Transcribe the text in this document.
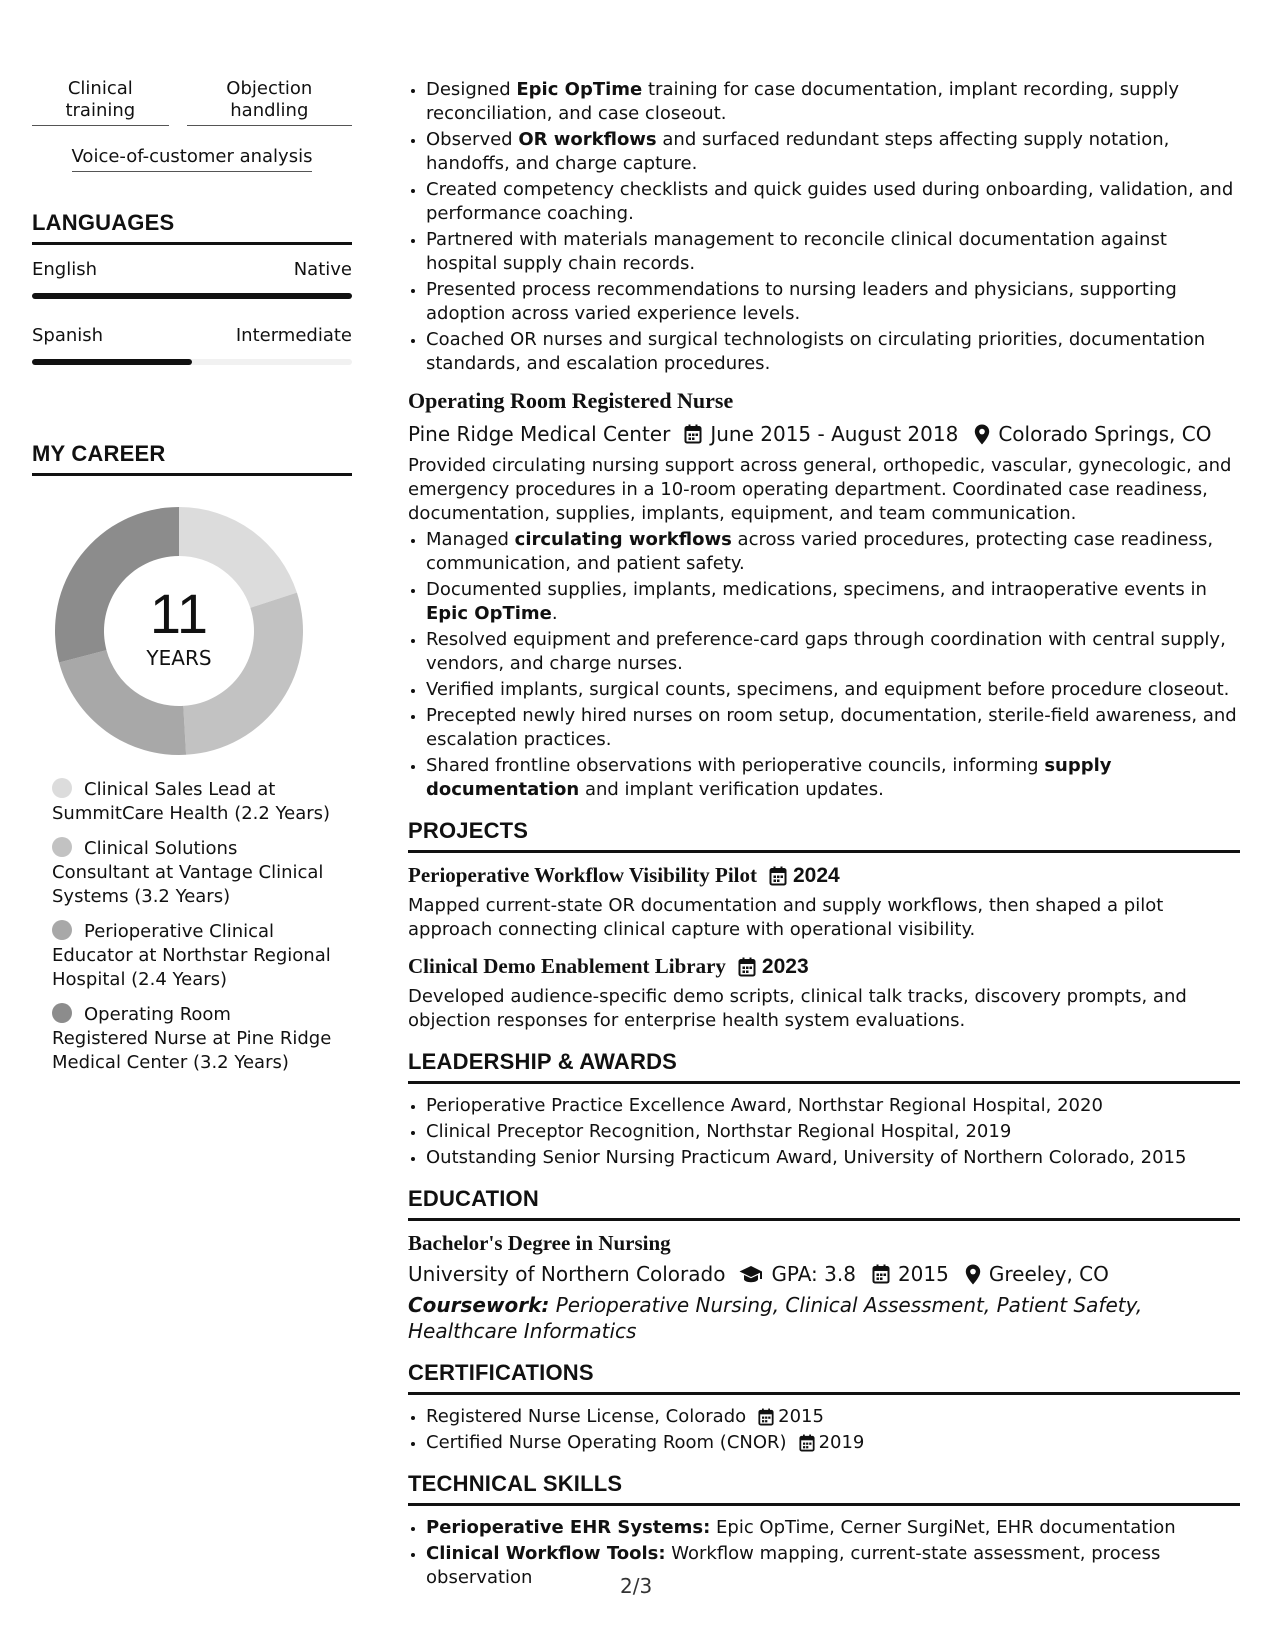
Clinical training
Objection handling
Voice-of-customer analysis
LANGUAGES
English	Native
Spanish	Intermediate
MY CAREER
11
YEARS
Clinical Sales Lead at SummitCare Health (2.2 Years)
Clinical Solutions Consultant at Vantage Clinical Systems (3.2 Years)
Perioperative Clinical Educator at Northstar Regional Hospital (2.4 Years)
Operating Room Registered Nurse at Pine Ridge Medical Center (3.2 Years)
• Designed Epic OpTime training for case documentation, implant recording, supply reconciliation, and case closeout.
• Observed OR workflows and surfaced redundant steps affecting supply notation, handoffs, and charge capture.
• Created competency checklists and quick guides used during onboarding, validation, and performance coaching.
• Partnered with materials management to reconcile clinical documentation against hospital supply chain records.
• Presented process recommendations to nursing leaders and physicians, supporting adoption across varied experience levels.
• Coached OR nurses and surgical technologists on circulating priorities, documentation standards, and escalation procedures.
Operating Room Registered Nurse
Pine Ridge Medical Center June 2015 - August 2018 Colorado Springs, CO
Provided circulating nursing support across general, orthopedic, vascular, gynecologic, and emergency procedures in a 10-room operating department. Coordinated case readiness, documentation, supplies, implants, equipment, and team communication.
• Managed circulating workflows across varied procedures, protecting case readiness, communication, and patient safety.
• Documented supplies, implants, medications, specimens, and intraoperative events in Epic OpTime.
• Resolved equipment and preference-card gaps through coordination with central supply, vendors, and charge nurses.
• Verified implants, surgical counts, specimens, and equipment before procedure closeout.
• Precepted newly hired nurses on room setup, documentation, sterile-field awareness, and escalation practices.
• Shared frontline observations with perioperative councils, informing supply documentation and implant verification updates.
PROJECTS
Perioperative Workflow Visibility Pilot 2024
Mapped current-state OR documentation and supply workflows, then shaped a pilot approach connecting clinical capture with operational visibility.
Clinical Demo Enablement Library 2023
Developed audience-specific demo scripts, clinical talk tracks, discovery prompts, and objection responses for enterprise health system evaluations.
LEADERSHIP & AWARDS
• Perioperative Practice Excellence Award, Northstar Regional Hospital, 2020
• Clinical Preceptor Recognition, Northstar Regional Hospital, 2019
• Outstanding Senior Nursing Practicum Award, University of Northern Colorado, 2015
EDUCATION
Bachelor's Degree in Nursing
University of Northern Colorado GPA: 3.8 2015 Greeley, CO
Coursework: Perioperative Nursing, Clinical Assessment, Patient Safety, Healthcare Informatics
CERTIFICATIONS
• Registered Nurse License, Colorado 2015
• Certified Nurse Operating Room (CNOR) 2019
TECHNICAL SKILLS
• Perioperative EHR Systems: Epic OpTime, Cerner SurgiNet, EHR documentation
• Clinical Workflow Tools: Workflow mapping, current-state assessment, process observation	2/3
